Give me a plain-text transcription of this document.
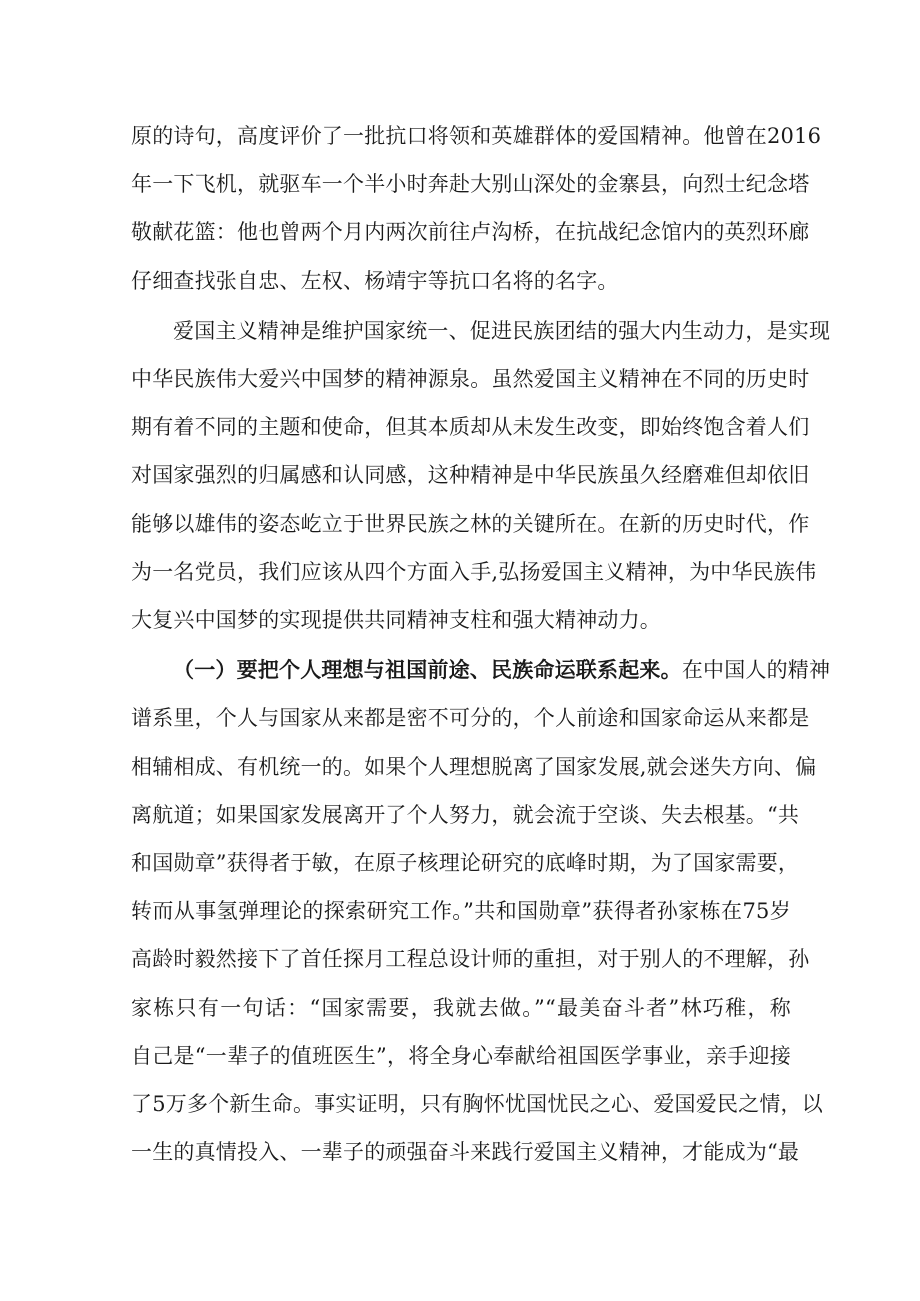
原的诗句，高度评价了一批抗口将领和英雄群体的爱国精神。他曾在2016
年一下飞机，就驱车一个半小时奔赴大别山深处的金寨县，向烈士纪念塔
敬献花篮：他也曾两个月内两次前往卢沟桥，在抗战纪念馆内的英烈环廊
仔细查找张自忠、左权、杨靖宇等抗口名将的名字。
爱国主义精神是维护国家统一、促进民族团结的强大内生动力，是实现
中华民族伟大爱兴中国梦的精神源泉。虽然爱国主义精神在不同的历史时
期有着不同的主题和使命，但其本质却从未发生改变，即始终饱含着人们
对国家强烈的归属感和认同感，这种精神是中华民族虽久经磨难但却依旧
能够以雄伟的姿态屹立于世界民族之林的关键所在。在新的历史时代，作
为一名党员，我们应该从四个方面入手,弘扬爱国主义精神，为中华民族伟
大复兴中国梦的实现提供共同精神支柱和强大精神动力。
（一）要把个人理想与祖国前途、民族命运联系起来。在中国人的精神
谱系里，个人与国家从来都是密不可分的，个人前途和国家命运从来都是
相辅相成、有机统一的。如果个人理想脱离了国家发展,就会迷失方向、偏
离航道；如果国家发展离开了个人努力，就会流于空谈、失去根基。“共
和国勋章”获得者于敏，在原子核理论研究的底峰时期，为了国家需要，
转而从事氢弹理论的探索研究工作。”共和国勋章”获得者孙家栋在75岁
高龄时毅然接下了首任探月工程总设计师的重担，对于别人的不理解，孙
家栋只有一句话：“国家需要，我就去做。”“最美奋斗者”林巧稚，称
自己是“一辈子的值班医生”，将全身心奉献给祖国医学事业，亲手迎接
了5万多个新生命。事实证明，只有胸怀忧国忧民之心、爱国爱民之情，以
一生的真情投入、一辈子的顽强奋斗来践行爱国主义精神，才能成为“最
